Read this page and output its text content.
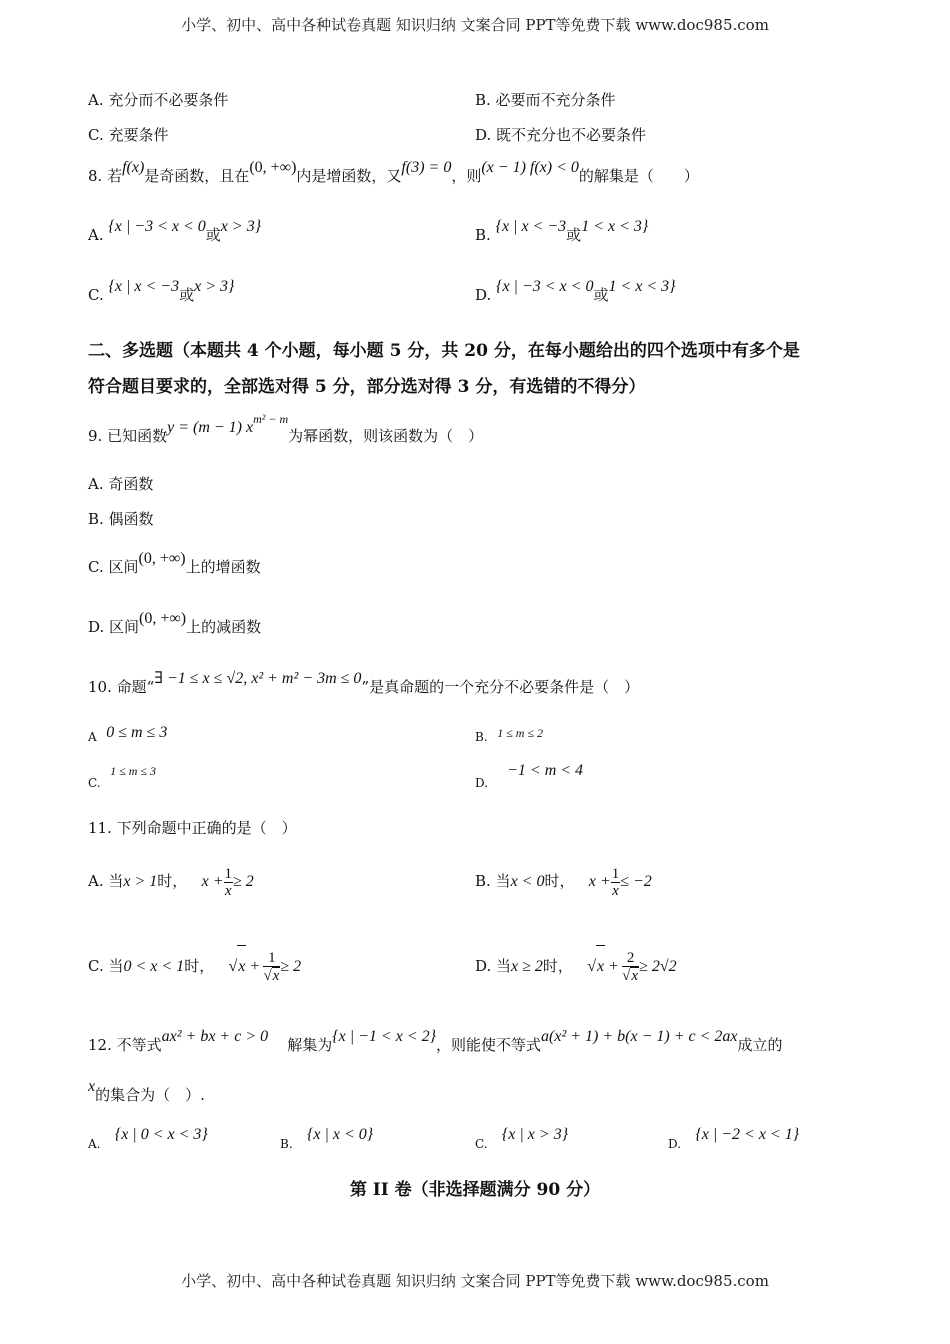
小学、初中、高中各种试卷真题 知识归纳 文案合同 PPT等免费下载 www.doc985.com
A. 充分而不必要条件	B. 必要而不充分条件
C. 充要条件	D. 既不充分也不必要条件
8. 若f(x)是奇函数，且在(0, +∞)内是增函数，又f(3) = 0，则(x − 1) f(x) < 0的解集是（　　）
A. {x | −3 < x < 0或x > 3}	B. {x | x < −3或1 < x < 3}
C. {x | x < −3或x > 3}	D. {x | −3 < x < 0或1 < x < 3}
二、多选题（本题共 4 个小题，每小题 5 分，共 20 分，在每小题给出的四个选项中有多个是
符合题目要求的，全部选对得 5 分，部分选对得 3 分，有选错的不得分）
9. 已知函数y = (m − 1) $x^{m^2 - m}$为幂函数，则该函数为（　）
A. 奇函数
B. 偶函数
C. 区间(0, +∞)上的增函数
D. 区间(0, +∞)上的减函数
10. 命题“∃ −1 ≤ x ≤ √2, x² + m² − 3m ≤ 0”是真命题的一个充分不必要条件是（　）
A 0 ≤ m ≤ 3	B. $^{1 \le m \le 2}$
C.  $^{1 \le m \le 3}$
D.    −1 < m < 4
11. 下列命题中正确的是（　）
A. 当x > 1时， $x + \frac{1}{x} \ge 2$	B. 当x < 0时， $x + \frac{1}{x} \le -2$
C. 当0 < x < 1时， $√x + \frac{1}{√x} \ge 2$	D. 当x ≥ 2时， $√x + \frac{2}{√x} \ge 2√2$
12. 不等式ax² + bx + c > 0 解集为{x | −1 < x < 2}，则能使不等式a(x² + 1) + b(x − 1) + c < 2ax成立的
x的集合为（　）.
A.   {x | 0 < x < 3}
B.   {x | x < 0}
C.   {x | x > 3}
D.   {x | −2 < x < 1}
第 II 卷（非选择题满分 90 分）
小学、初中、高中各种试卷真题 知识归纳 文案合同 PPT等免费下载 www.doc985.com
